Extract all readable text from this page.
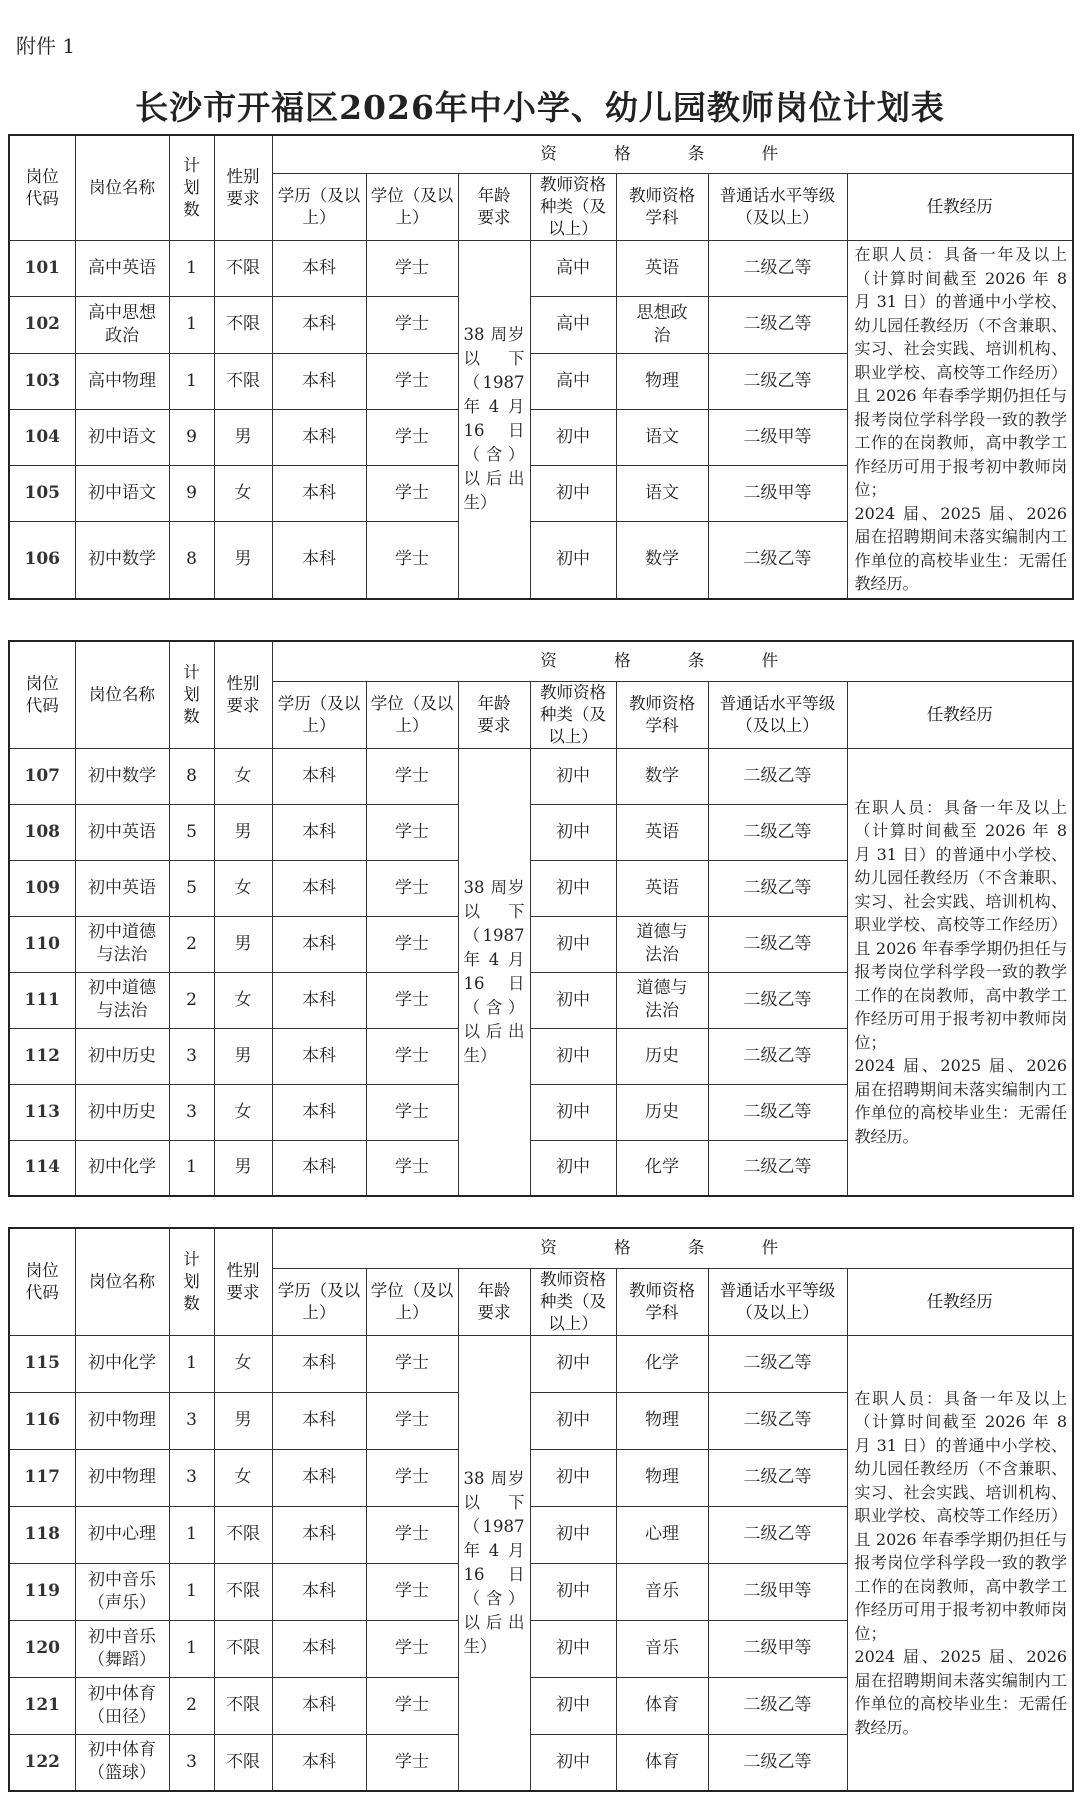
附件 1
长沙市开福区2026年中小学、幼儿园教师岗位计划表
岗位代码	岗位名称	计划数	性别要求	资 格 条 件						
				学历（及以上）	学位（及以上）	年龄要求	教师资格种类（及以上）	教师资格学科	普通话水平等级（及以上）	任教经历
101	高中英语	1	不限	本科	学士	38 周岁以下（1987年4月16日（含）以后出生）	高中	英语	二级乙等	在职人员：具备一年及以上（计算时间截至 2026 年 8 月 31 日）的普通中小学校、幼儿园任教经历（不含兼职、实习、社会实践、培训机构、职业学校、高校等工作经历）且 2026 年春季学期仍担任与报考岗位学科学段一致的教学工作的在岗教师，高中教学工作经历可用于报考初中教师岗位；
2024 届、2025 届、2026 届在招聘期间未落实编制内工作单位的高校毕业生：无需任教经历。
102	高中思想政治	1	不限	本科	学士		高中	思想政治	二级乙等	
103	高中物理	1	不限	本科	学士		高中	物理	二级乙等	
104	初中语文	9	男	本科	学士		初中	语文	二级甲等	
105	初中语文	9	女	本科	学士		初中	语文	二级甲等	
106	初中数学	8	男	本科	学士		初中	数学	二级乙等	
岗位代码	岗位名称	计划数	性别要求	资 格 条 件						
				学历（及以上）	学位（及以上）	年龄要求	教师资格种类（及以上）	教师资格学科	普通话水平等级（及以上）	任教经历
107	初中数学	8	女	本科	学士	38 周岁以下（1987年4月16日（含）以后出生）	初中	数学	二级乙等	在职人员：具备一年及以上（计算时间截至 2026 年 8 月 31 日）的普通中小学校、幼儿园任教经历（不含兼职、实习、社会实践、培训机构、职业学校、高校等工作经历）且 2026 年春季学期仍担任与报考岗位学科学段一致的教学工作的在岗教师，高中教学工作经历可用于报考初中教师岗位；
2024 届、2025 届、2026 届在招聘期间未落实编制内工作单位的高校毕业生：无需任教经历。
108	初中英语	5	男	本科	学士		初中	英语	二级乙等	
109	初中英语	5	女	本科	学士		初中	英语	二级乙等	
110	初中道德与法治	2	男	本科	学士		初中	道德与法治	二级乙等	
111	初中道德与法治	2	女	本科	学士		初中	道德与法治	二级乙等	
112	初中历史	3	男	本科	学士		初中	历史	二级乙等	
113	初中历史	3	女	本科	学士		初中	历史	二级乙等	
114	初中化学	1	男	本科	学士		初中	化学	二级乙等	
岗位代码	岗位名称	计划数	性别要求	资 格 条 件						
				学历（及以上）	学位（及以上）	年龄要求	教师资格种类（及以上）	教师资格学科	普通话水平等级（及以上）	任教经历
115	初中化学	1	女	本科	学士	38 周岁以下（1987年4月16日（含）以后出生）	初中	化学	二级乙等	在职人员：具备一年及以上（计算时间截至 2026 年 8 月 31 日）的普通中小学校、幼儿园任教经历（不含兼职、实习、社会实践、培训机构、职业学校、高校等工作经历）且 2026 年春季学期仍担任与报考岗位学科学段一致的教学工作的在岗教师，高中教学工作经历可用于报考初中教师岗位；
2024 届、2025 届、2026 届在招聘期间未落实编制内工作单位的高校毕业生：无需任教经历。
116	初中物理	3	男	本科	学士		初中	物理	二级乙等	
117	初中物理	3	女	本科	学士		初中	物理	二级乙等	
118	初中心理	1	不限	本科	学士		初中	心理	二级乙等	
119	初中音乐（声乐）	1	不限	本科	学士		初中	音乐	二级甲等	
120	初中音乐（舞蹈）	1	不限	本科	学士		初中	音乐	二级甲等	
121	初中体育（田径）	2	不限	本科	学士		初中	体育	二级乙等	
122	初中体育（篮球）	3	不限	本科	学士		初中	体育	二级乙等	
